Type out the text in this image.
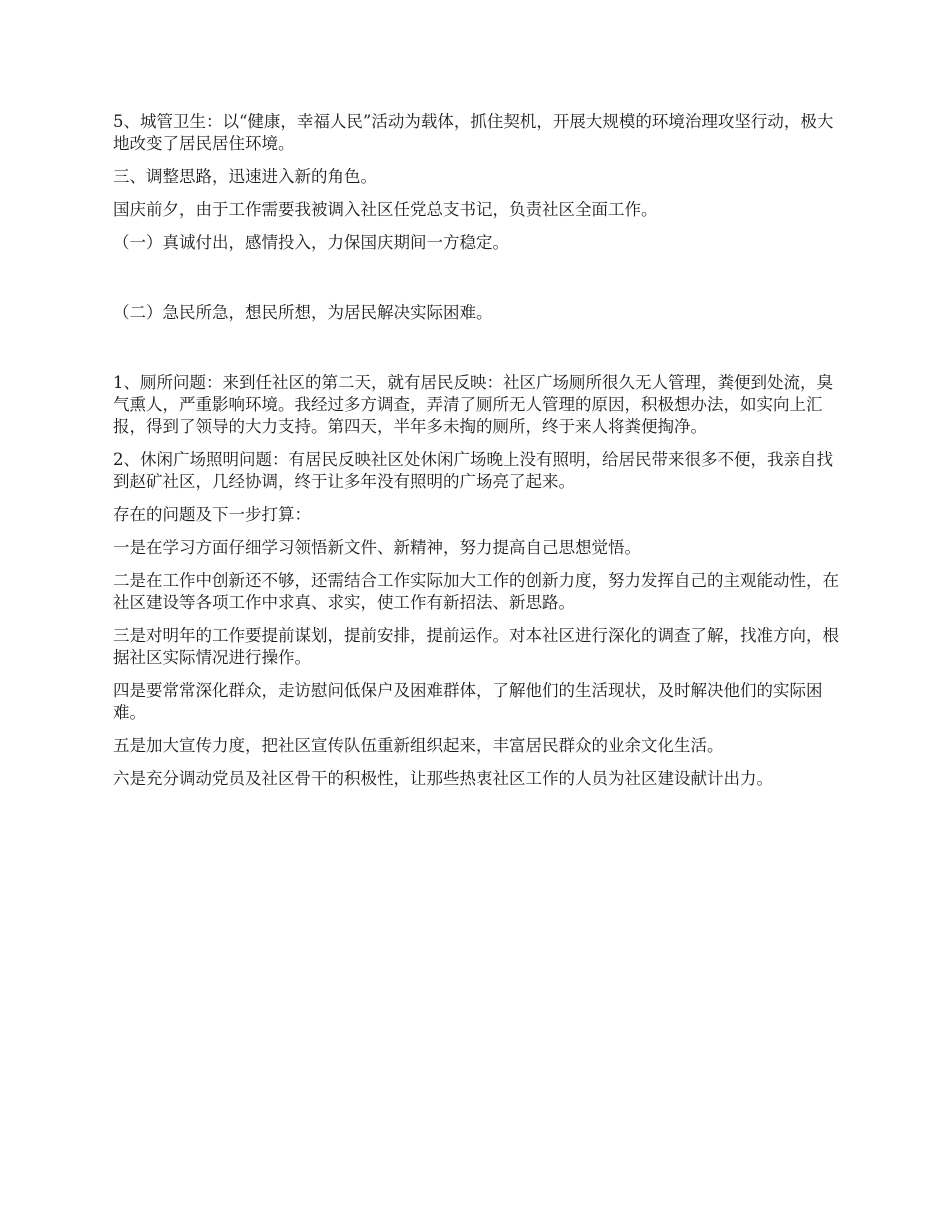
5、城管卫生：以“健康，幸福人民”活动为载体，抓住契机，开展大规模的环境治理攻坚行动，极大地改变了居民居住环境。

三、调整思路，迅速进入新的角色。

国庆前夕，由于工作需要我被调入社区任党总支书记，负责社区全面工作。

（一）真诚付出，感情投入，力保国庆期间一方稳定。

（二）急民所急，想民所想，为居民解决实际困难。

1、厕所问题：来到任社区的第二天，就有居民反映：社区广场厕所很久无人管理，粪便到处流，臭气熏人，严重影响环境。我经过多方调查，弄清了厕所无人管理的原因，积极想办法，如实向上汇报，得到了领导的大力支持。第四天，半年多未掏的厕所，终于来人将粪便掏净。

2、休闲广场照明问题：有居民反映社区处休闲广场晚上没有照明，给居民带来很多不便，我亲自找到赵矿社区，几经协调，终于让多年没有照明的广场亮了起来。

存在的问题及下一步打算：

一是在学习方面仔细学习领悟新文件、新精神，努力提高自己思想觉悟。

二是在工作中创新还不够，还需结合工作实际加大工作的创新力度，努力发挥自己的主观能动性，在社区建设等各项工作中求真、求实，使工作有新招法、新思路。

三是对明年的工作要提前谋划，提前安排，提前运作。对本社区进行深化的调查了解，找准方向，根据社区实际情况进行操作。

四是要常常深化群众，走访慰问低保户及困难群体，了解他们的生活现状，及时解决他们的实际困难。

五是加大宣传力度，把社区宣传队伍重新组织起来，丰富居民群众的业余文化生活。

六是充分调动党员及社区骨干的积极性，让那些热衷社区工作的人员为社区建设献计出力。
